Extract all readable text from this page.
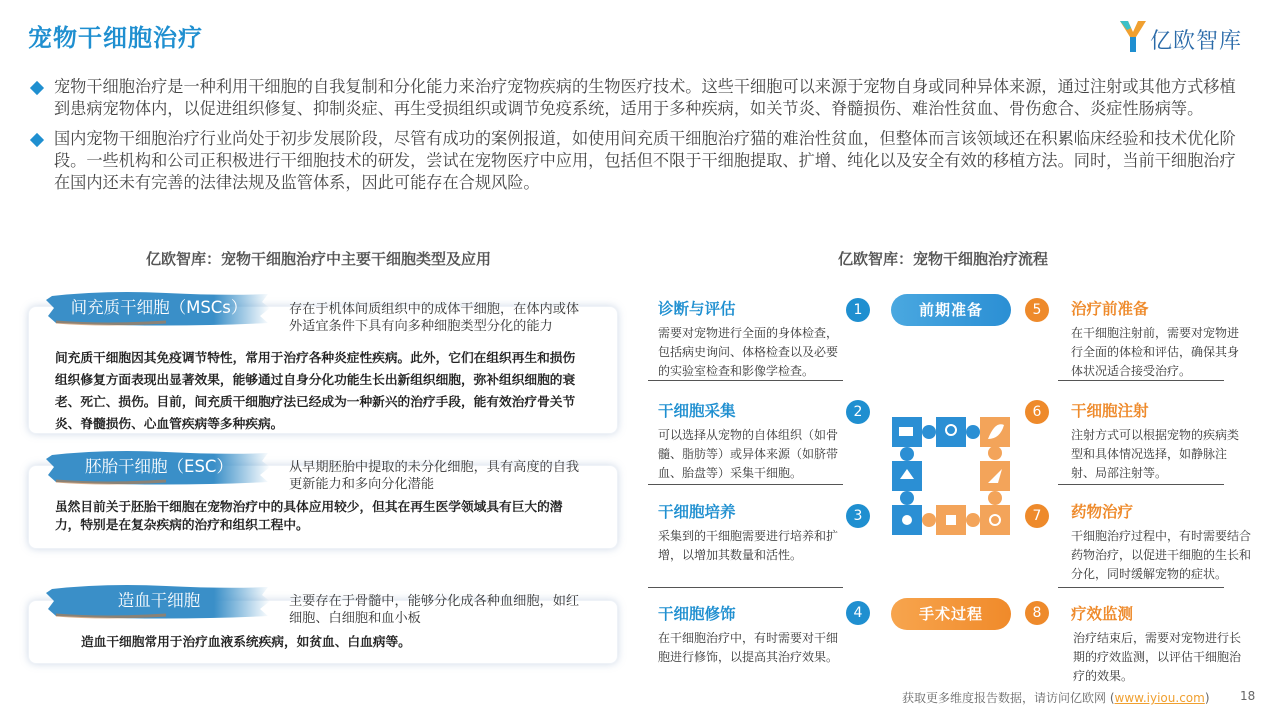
宠物干细胞治疗	亿欧智库
宠物干细胞治疗是一种利用干细胞的自我复制和分化能力来治疗宠物疾病的生物医疗技术。这些干细胞可以来源于宠物自身或同种异体来源，通过注射或其他方式移植到患病宠物体内，以促进组织修复、抑制炎症、再生受损组织或调节免疫系统，适用于多种疾病，如关节炎、脊髓损伤、难治性贫血、骨伤愈合、炎症性肠病等。
国内宠物干细胞治疗行业尚处于初步发展阶段，尽管有成功的案例报道，如使用间充质干细胞治疗猫的难治性贫血，但整体而言该领域还在积累临床经验和技术优化阶段。一些机构和公司正积极进行干细胞技术的研发，尝试在宠物医疗中应用，包括但不限于干细胞提取、扩增、纯化以及安全有效的移植方法。同时，当前干细胞治疗在国内还未有完善的法律法规及监管体系，因此可能存在合规风险。
亿欧智库：宠物干细胞治疗中主要干细胞类型及应用	亿欧智库：宠物干细胞治疗流程
存在于机体间质组织中的成体干细胞，在体内或体外适宜条件下具有向多种细胞类型分化的能力
间充质干细胞因其免疫调节特性，常用于治疗各种炎症性疾病。此外，它们在组织再生和损伤组织修复方面表现出显著效果，能够通过自身分化功能生长出新组织细胞，弥补组织细胞的衰老、死亡、损伤。目前，间充质干细胞疗法已经成为一种新兴的治疗手段，能有效治疗骨关节炎、脊髓损伤、心血管疾病等多种疾病。
间充质干细胞（MSCs）
从早期胚胎中提取的未分化细胞，具有高度的自我更新能力和多向分化潜能
虽然目前关于胚胎干细胞在宠物治疗中的具体应用较少，但其在再生医学领域具有巨大的潜力，特别是在复杂疾病的治疗和组织工程中。
胚胎干细胞（ESC）
主要存在于骨髓中，能够分化成各种血细胞，如红细胞、白细胞和血小板
造血干细胞常用于治疗血液系统疾病，如贫血、白血病等。
造血干细胞
诊断与评估
需要对宠物进行全面的身体检查，包括病史询问、体格检查以及必要的实验室检查和影像学检查。
干细胞采集
可以选择从宠物的自体组织（如骨髓、脂肪等）或异体来源（如脐带血、胎盘等）采集干细胞。
干细胞培养
采集到的干细胞需要进行培养和扩增，以增加其数量和活性。
干细胞修饰
在干细胞治疗中，有时需要对干细胞进行修饰，以提高其治疗效果。
1
2
3
4
5
6
7
8
前期准备
手术过程
治疗前准备
在干细胞注射前，需要对宠物进行全面的体检和评估，确保其身体状况适合接受治疗。
干细胞注射
注射方式可以根据宠物的疾病类型和具体情况选择，如静脉注射、局部注射等。
药物治疗
干细胞治疗过程中，有时需要结合药物治疗，以促进干细胞的生长和分化，同时缓解宠物的症状。
疗效监测
治疗结束后，需要对宠物进行长期的疗效监测，以评估干细胞治疗的效果。
获取更多维度报告数据，请访问亿欧网 (www.iyiou.com)	18
